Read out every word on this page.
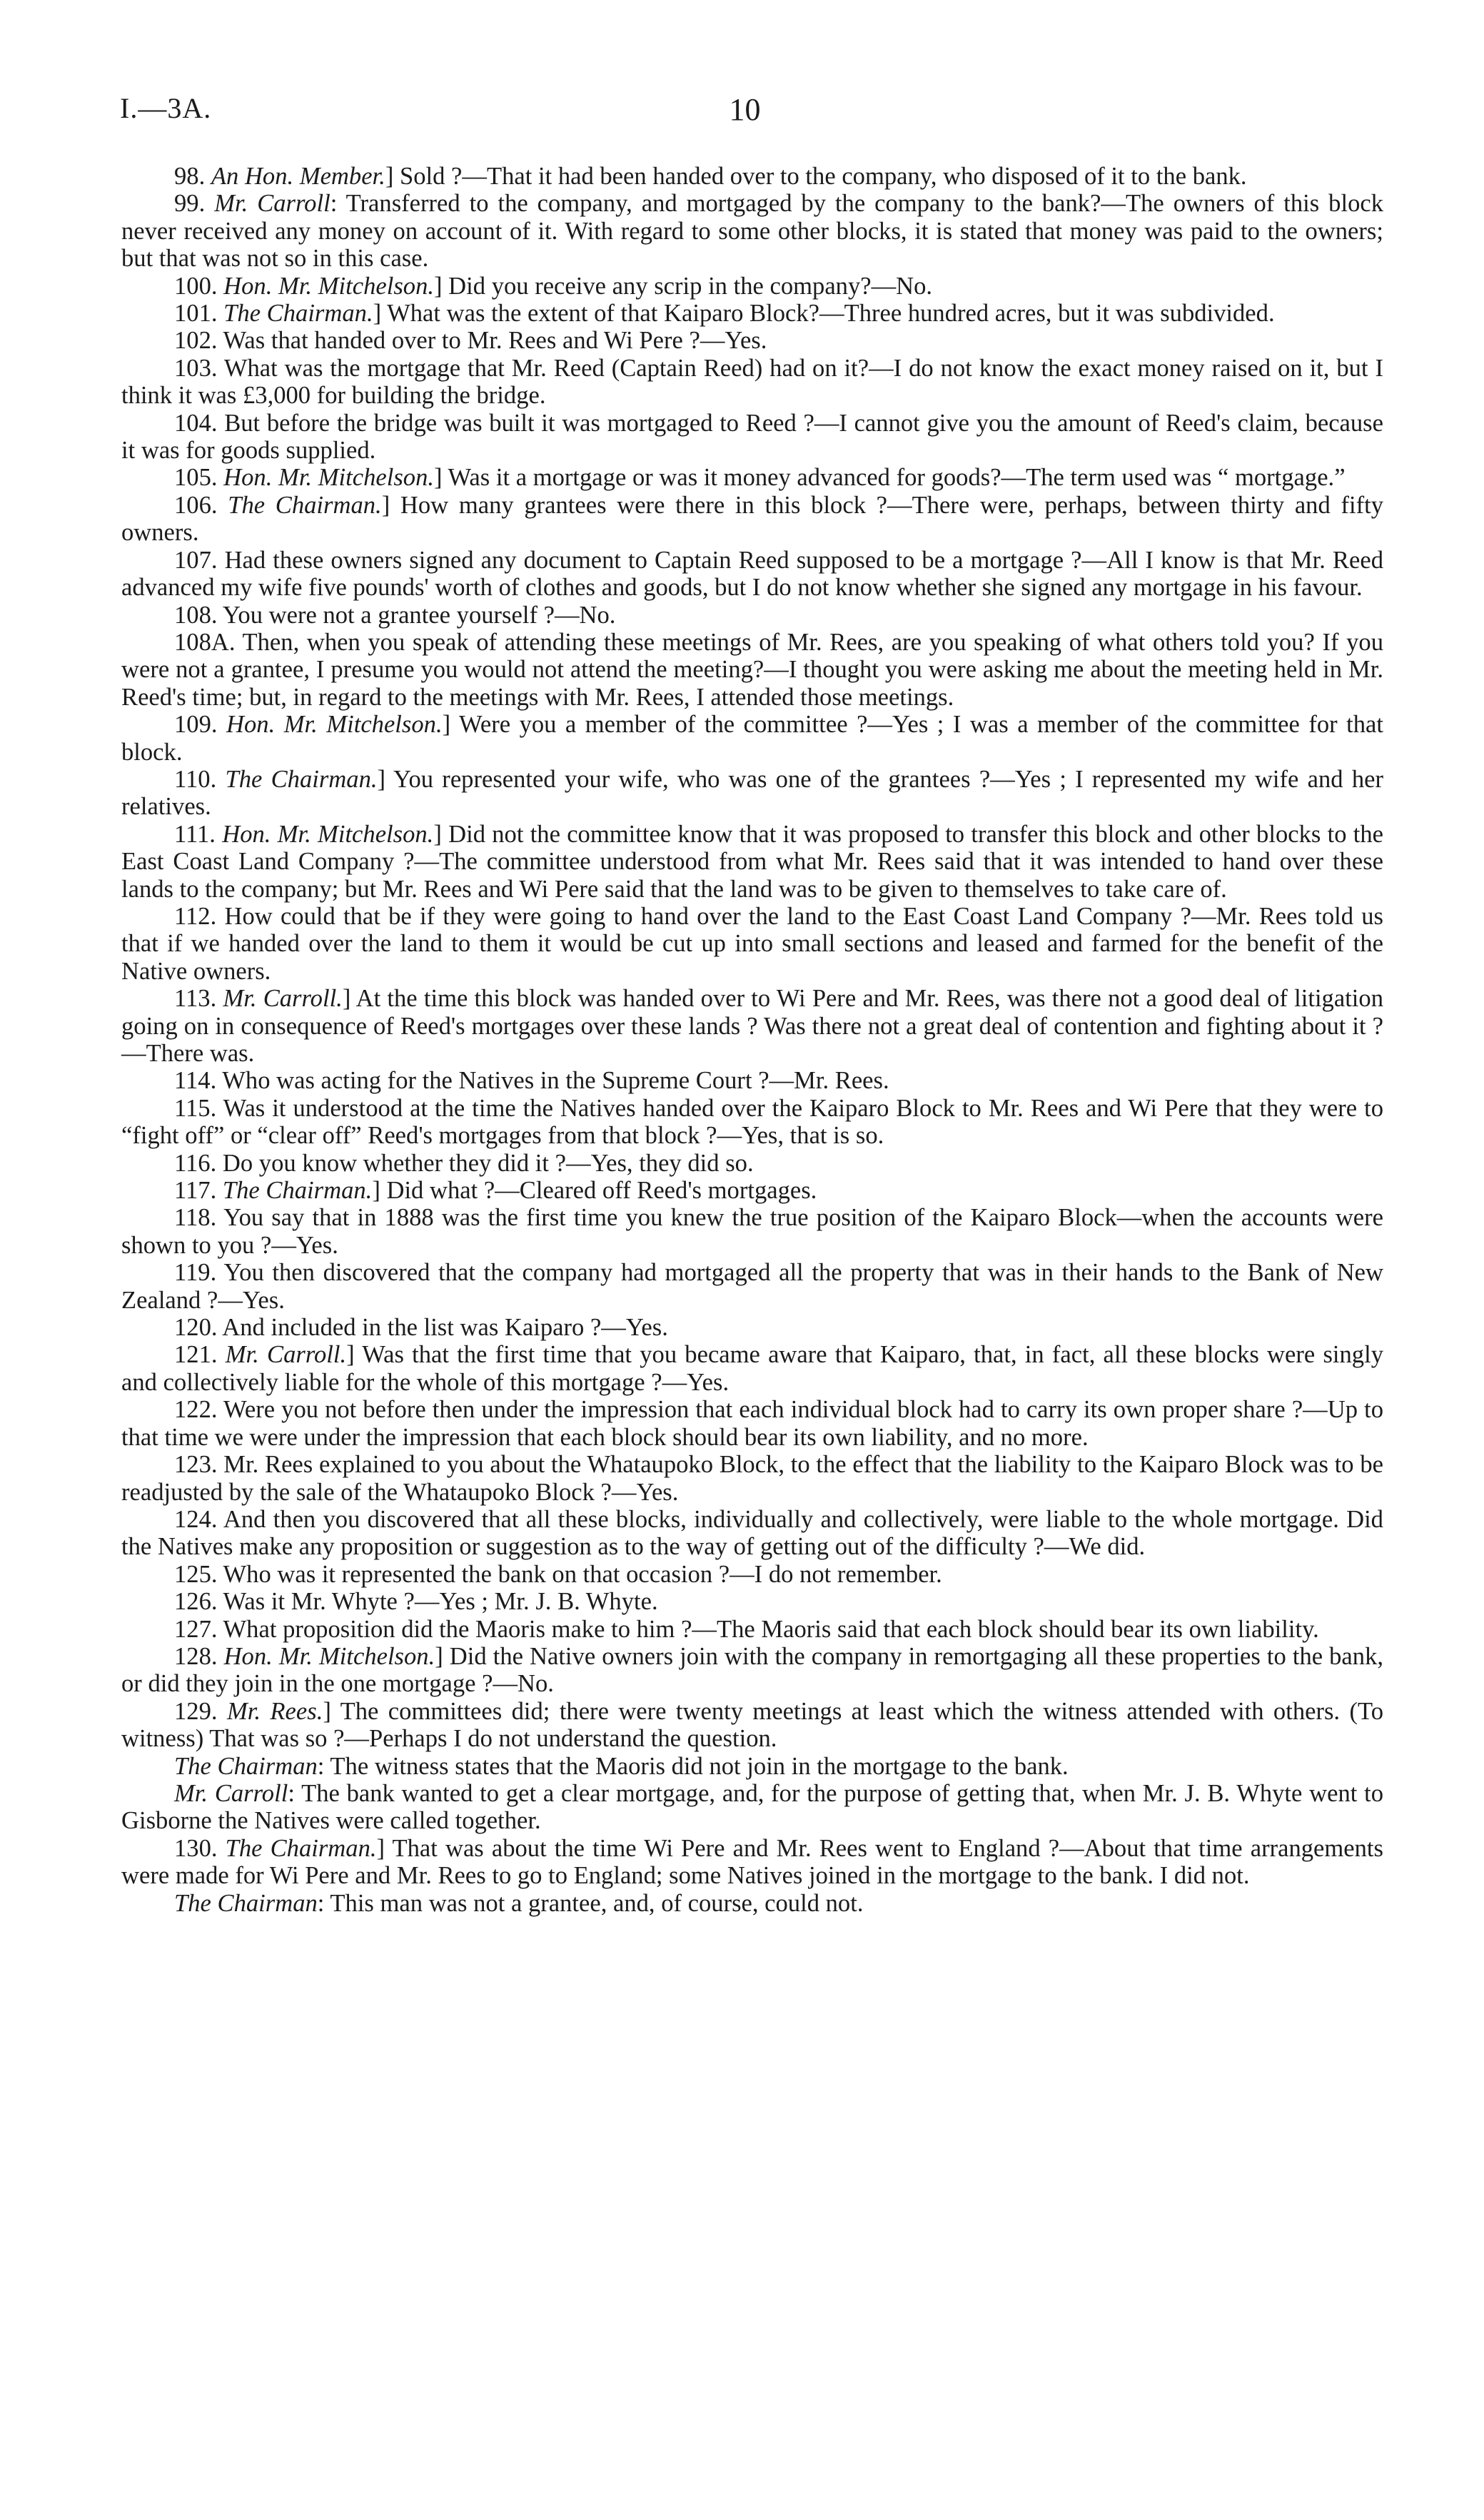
I.—3A.	10

98. An Hon. Member.] Sold ?—That it had been handed over to the company, who disposed of it to the bank.

99. Mr. Carroll: Transferred to the company, and mortgaged by the company to the bank?—The owners of this block never received any money on account of it. With regard to some other blocks, it is stated that money was paid to the owners; but that was not so in this case.

100. Hon. Mr. Mitchelson.] Did you receive any scrip in the company?—No.

101. The Chairman.] What was the extent of that Kaiparo Block?—Three hundred acres, but it was subdivided.

102. Was that handed over to Mr. Rees and Wi Pere ?—Yes.

103. What was the mortgage that Mr. Reed (Captain Reed) had on it?—I do not know the exact money raised on it, but I think it was £3,000 for building the bridge.

104. But before the bridge was built it was mortgaged to Reed ?—I cannot give you the amount of Reed's claim, because it was for goods supplied.

105. Hon. Mr. Mitchelson.] Was it a mortgage or was it money advanced for goods?—The term used was “ mortgage.”

106. The Chairman.] How many grantees were there in this block ?—There were, perhaps, between thirty and fifty owners.

107. Had these owners signed any document to Captain Reed supposed to be a mortgage ?—All I know is that Mr. Reed advanced my wife five pounds' worth of clothes and goods, but I do not know whether she signed any mortgage in his favour.

108. You were not a grantee yourself ?—No.

108A. Then, when you speak of attending these meetings of Mr. Rees, are you speaking of what others told you? If you were not a grantee, I presume you would not attend the meeting?—I thought you were asking me about the meeting held in Mr. Reed's time; but, in regard to the meetings with Mr. Rees, I attended those meetings.

109. Hon. Mr. Mitchelson.] Were you a member of the committee ?—Yes ; I was a member of the committee for that block.

110. The Chairman.] You represented your wife, who was one of the grantees ?—Yes ; I represented my wife and her relatives.

111. Hon. Mr. Mitchelson.] Did not the committee know that it was proposed to transfer this block and other blocks to the East Coast Land Company ?—The committee understood from what Mr. Rees said that it was intended to hand over these lands to the company; but Mr. Rees and Wi Pere said that the land was to be given to themselves to take care of.

112. How could that be if they were going to hand over the land to the East Coast Land Company ?—Mr. Rees told us that if we handed over the land to them it would be cut up into small sections and leased and farmed for the benefit of the Native owners.

113. Mr. Carroll.] At the time this block was handed over to Wi Pere and Mr. Rees, was there not a good deal of litigation going on in consequence of Reed's mortgages over these lands ? Was there not a great deal of contention and fighting about it ?—There was.

114. Who was acting for the Natives in the Supreme Court ?—Mr. Rees.

115. Was it understood at the time the Natives handed over the Kaiparo Block to Mr. Rees and Wi Pere that they were to “fight off” or “clear off” Reed's mortgages from that block ?—Yes, that is so.

116. Do you know whether they did it ?—Yes, they did so.

117. The Chairman.] Did what ?—Cleared off Reed's mortgages.

118. You say that in 1888 was the first time you knew the true position of the Kaiparo Block—when the accounts were shown to you ?—Yes.

119. You then discovered that the company had mortgaged all the property that was in their hands to the Bank of New Zealand ?—Yes.

120. And included in the list was Kaiparo ?—Yes.

121. Mr. Carroll.] Was that the first time that you became aware that Kaiparo, that, in fact, all these blocks were singly and collectively liable for the whole of this mortgage ?—Yes.

122. Were you not before then under the impression that each individual block had to carry its own proper share ?—Up to that time we were under the impression that each block should bear its own liability, and no more.

123. Mr. Rees explained to you about the Whataupoko Block, to the effect that the liability to the Kaiparo Block was to be readjusted by the sale of the Whataupoko Block ?—Yes.

124. And then you discovered that all these blocks, individually and collectively, were liable to the whole mortgage. Did the Natives make any proposition or suggestion as to the way of getting out of the difficulty ?—We did.

125. Who was it represented the bank on that occasion ?—I do not remember.

126. Was it Mr. Whyte ?—Yes ; Mr. J. B. Whyte.

127. What proposition did the Maoris make to him ?—The Maoris said that each block should bear its own liability.

128. Hon. Mr. Mitchelson.] Did the Native owners join with the company in remortgaging all these properties to the bank, or did they join in the one mortgage ?—No.

129. Mr. Rees.] The committees did; there were twenty meetings at least which the witness attended with others. (To witness) That was so ?—Perhaps I do not understand the question.

The Chairman: The witness states that the Maoris did not join in the mortgage to the bank.

Mr. Carroll: The bank wanted to get a clear mortgage, and, for the purpose of getting that, when Mr. J. B. Whyte went to Gisborne the Natives were called together.

130. The Chairman.] That was about the time Wi Pere and Mr. Rees went to England ?—About that time arrangements were made for Wi Pere and Mr. Rees to go to England; some Natives joined in the mortgage to the bank. I did not.

The Chairman: This man was not a grantee, and, of course, could not.
